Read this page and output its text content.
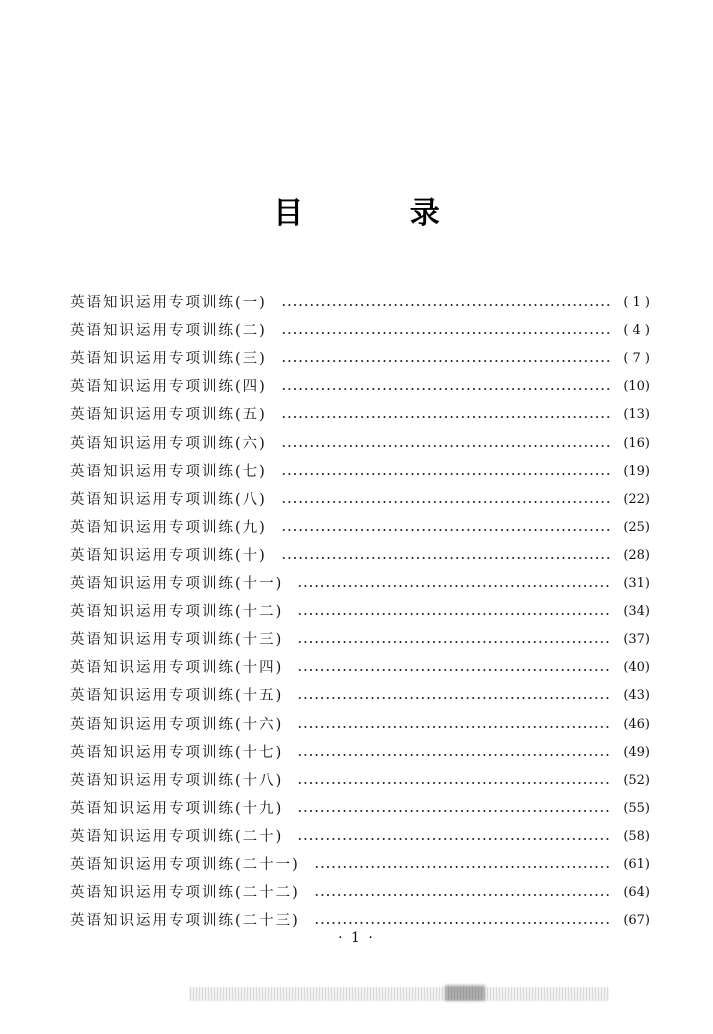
目 录
英语知识运用专项训练(一)	( 1 )
英语知识运用专项训练(二)	( 4 )
英语知识运用专项训练(三)	( 7 )
英语知识运用专项训练(四)	(10)
英语知识运用专项训练(五)	(13)
英语知识运用专项训练(六)	(16)
英语知识运用专项训练(七)	(19)
英语知识运用专项训练(八)	(22)
英语知识运用专项训练(九)	(25)
英语知识运用专项训练(十)	(28)
英语知识运用专项训练(十一)	(31)
英语知识运用专项训练(十二)	(34)
英语知识运用专项训练(十三)	(37)
英语知识运用专项训练(十四)	(40)
英语知识运用专项训练(十五)	(43)
英语知识运用专项训练(十六)	(46)
英语知识运用专项训练(十七)	(49)
英语知识运用专项训练(十八)	(52)
英语知识运用专项训练(十九)	(55)
英语知识运用专项训练(二十)	(58)
英语知识运用专项训练(二十一)	(61)
英语知识运用专项训练(二十二)	(64)
英语知识运用专项训练(二十三)	(67)
· 1 ·
